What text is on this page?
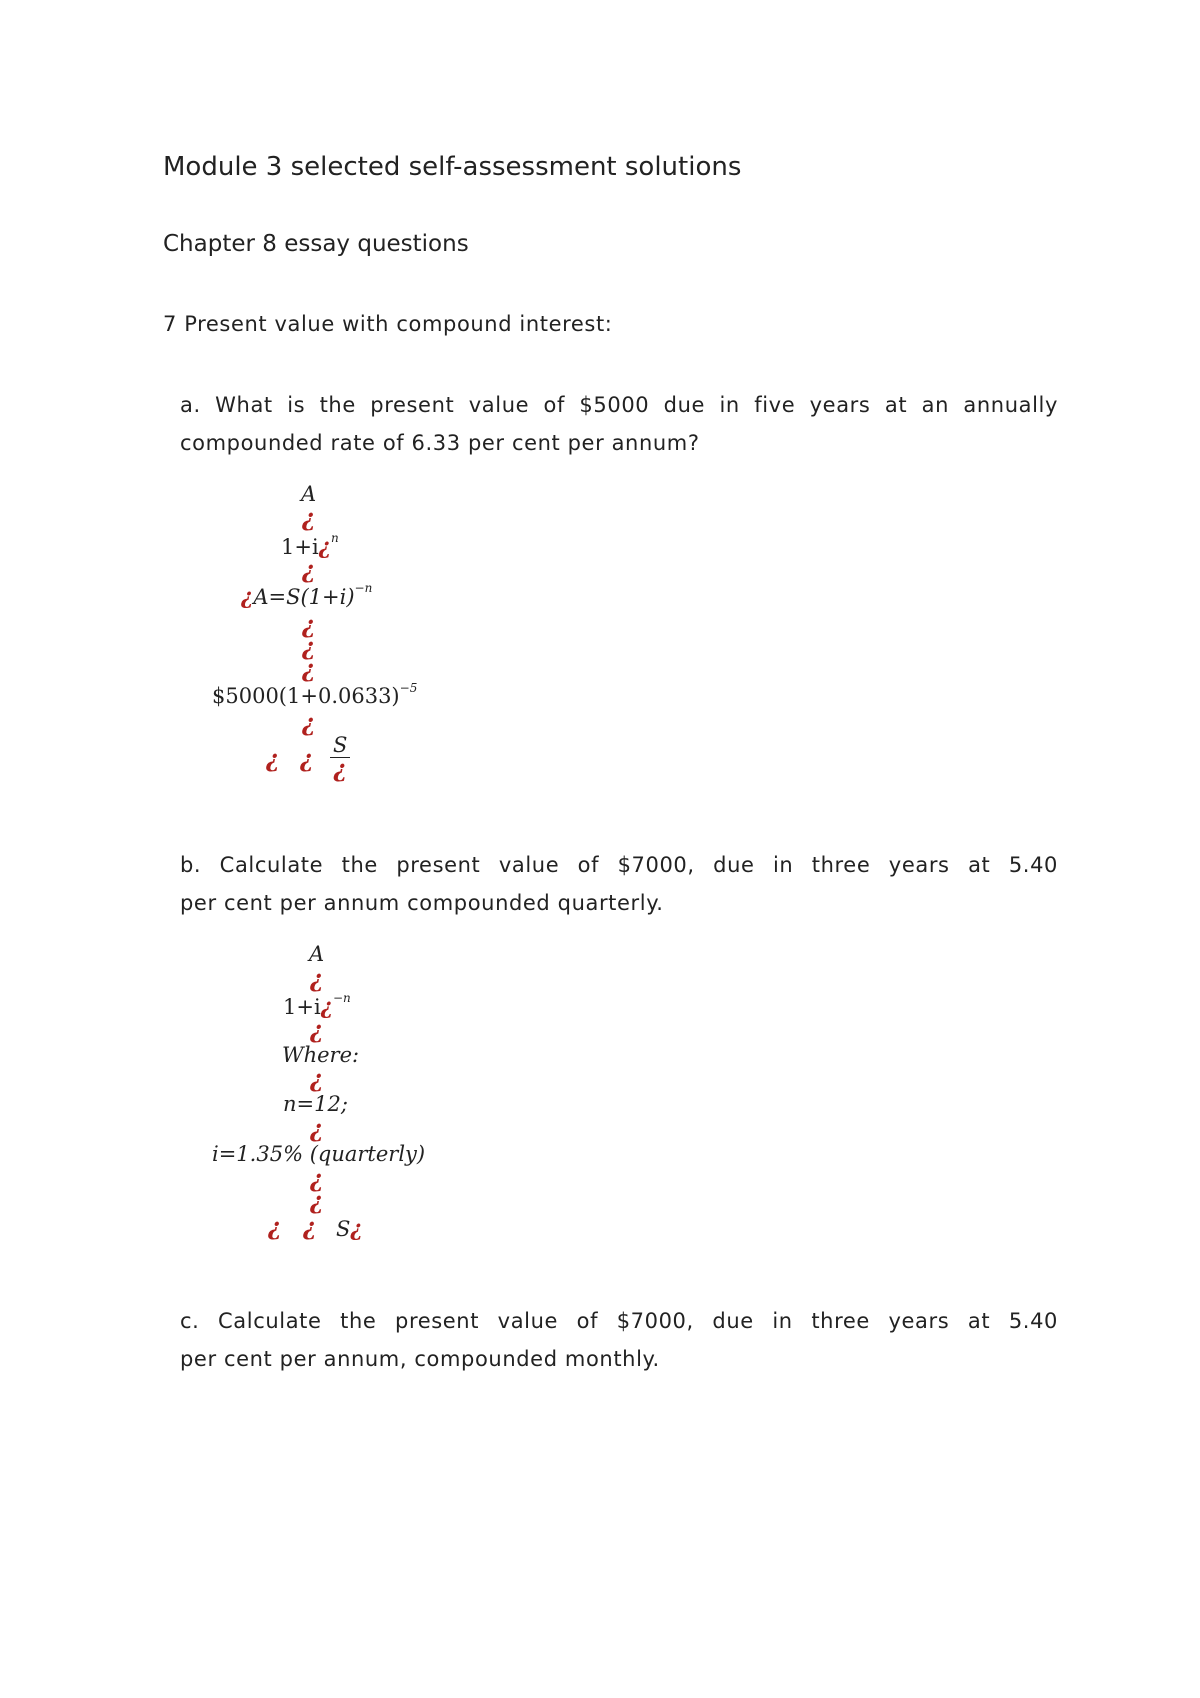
Module 3 selected self-assessment solutions
Chapter 8 essay questions
7 Present value with compound interest:
a. What is the present value of $5000 due in five years at an annually
compounded rate of 6.33 per cent per annum?
A
¿
1+i¿$^n$
¿
¿$A=S(1+i)^{-n}$
¿
¿
¿
$\$5000(1+0.0633)^{-5}$
¿
¿ ¿
S
¿
b. Calculate the present value of $7000, due in three years at 5.40
per cent per annum compounded quarterly.
A
¿
1+i¿$^{-n}$
¿
Where:
¿
n=12;
¿
i=1.35% (quarterly)
¿
¿
¿ ¿ S¿
c. Calculate the present value of $7000, due in three years at 5.40
per cent per annum, compounded monthly.
